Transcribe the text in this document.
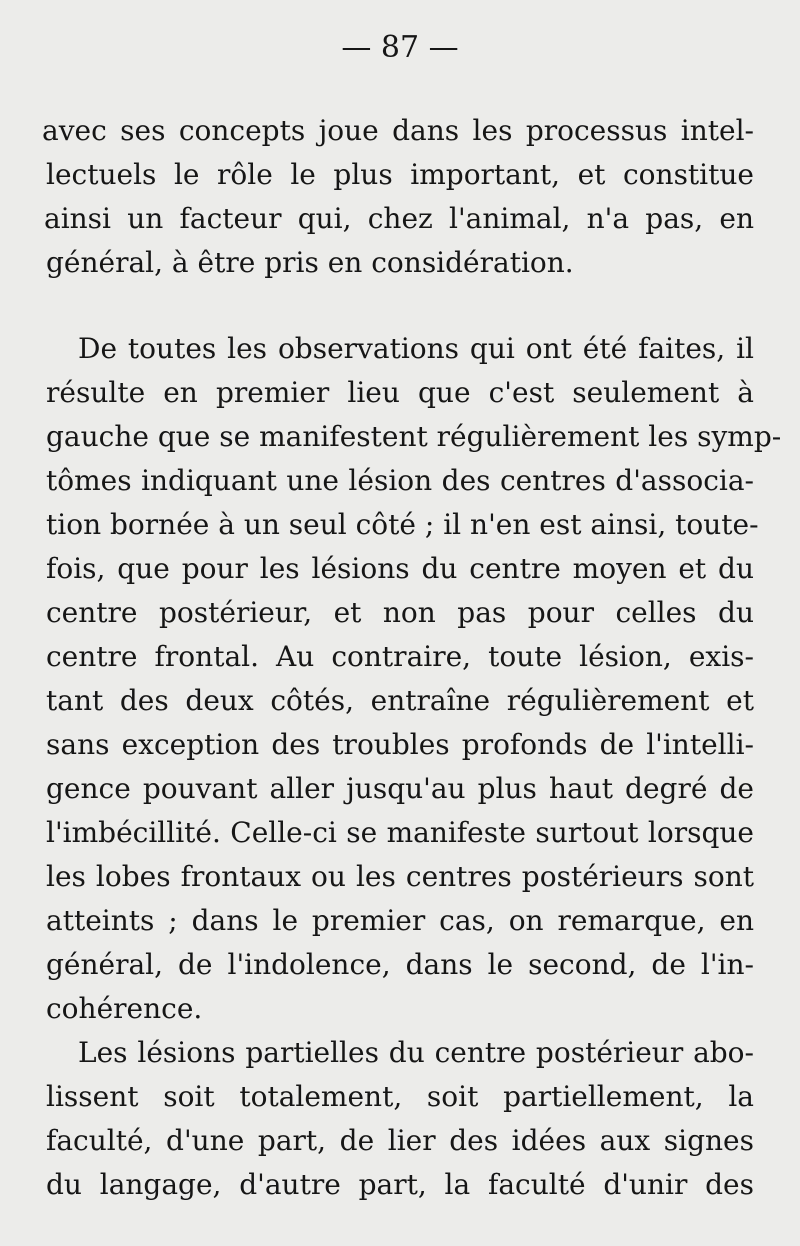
— 87 —
avec ses concepts joue dans les processus intel-
lectuels le rôle le plus important, et constitue
ainsi un facteur qui, chez l'animal, n'a pas, en
général, à être pris en considération.
De toutes les observations qui ont été faites, il
résulte en premier lieu que c'est seulement à
gauche que se manifestent régulièrement les symp-
tômes indiquant une lésion des centres d'associa-
tion bornée à un seul côté ; il n'en est ainsi, toute-
fois, que pour les lésions du centre moyen et du
centre postérieur, et non pas pour celles du
centre frontal. Au contraire, toute lésion, exis-
tant des deux côtés, entraîne régulièrement et
sans exception des troubles profonds de l'intelli-
gence pouvant aller jusqu'au plus haut degré de
l'imbécillité. Celle-ci se manifeste surtout lorsque
les lobes frontaux ou les centres postérieurs sont
atteints ; dans le premier cas, on remarque, en
général, de l'indolence, dans le second, de l'in-
cohérence.
Les lésions partielles du centre postérieur abo-
lissent soit totalement, soit partiellement, la
faculté, d'une part, de lier des idées aux signes
du langage, d'autre part, la faculté d'unir des
